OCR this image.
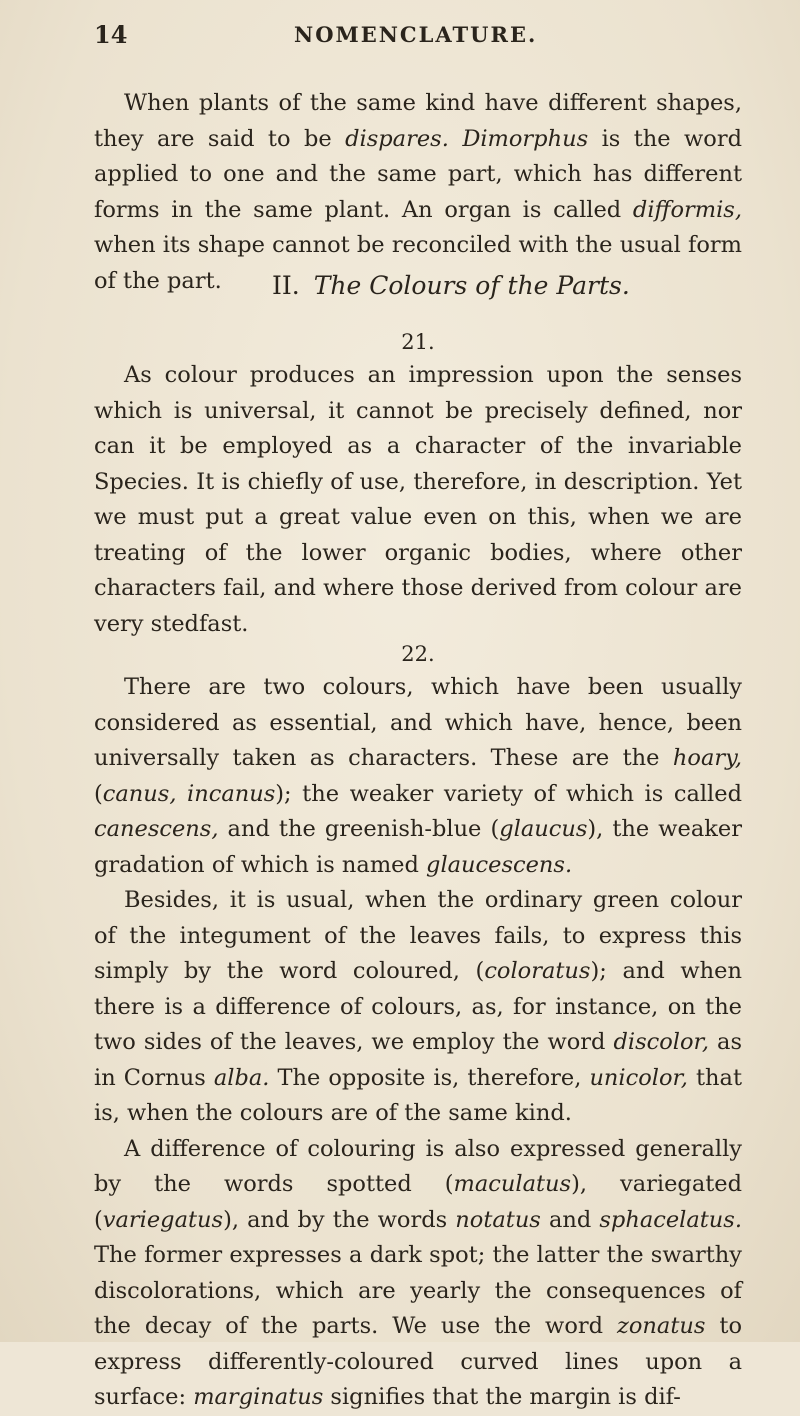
14	NOMENCLATURE.

When plants of the same kind have different shapes, they are said to be dispares. Dimorphus is the word applied to one and the same part, which has different forms in the same plant. An organ is called difformis, when its shape cannot be reconciled with the usual form of the part.	II. The Colours of the Parts.
21.

As colour produces an impression upon the senses which is universal, it cannot be precisely defined, nor can it be employed as a character of the invariable Species. It is chiefly of use, therefore, in description. Yet we must put a great value even on this, when we are treating of the lower organic bodies, where other characters fail, and where those derived from colour are very stedfast.

22.

There are two colours, which have been usually considered as essential, and which have, hence, been universally taken as characters. These are the hoary, (canus, incanus); the weaker variety of which is called canescens, and the greenish-blue (glaucus), the weaker gradation of which is named glaucescens.

Besides, it is usual, when the ordinary green colour of the integument of the leaves fails, to express this simply by the word coloured, (coloratus); and when there is a difference of colours, as, for instance, on the two sides of the leaves, we employ the word discolor, as in Cornus alba. The opposite is, therefore, unicolor, that is, when the colours are of the same kind.

A difference of colouring is also expressed generally by the words spotted (maculatus), variegated (variegatus), and by the words notatus and sphacelatus. The former expresses a dark spot; the latter the swarthy discolorations, which are yearly the consequences of the decay of the parts. We use the word zonatus to express differently-coloured curved lines upon a surface: marginatus signifies that the margin is dif-
